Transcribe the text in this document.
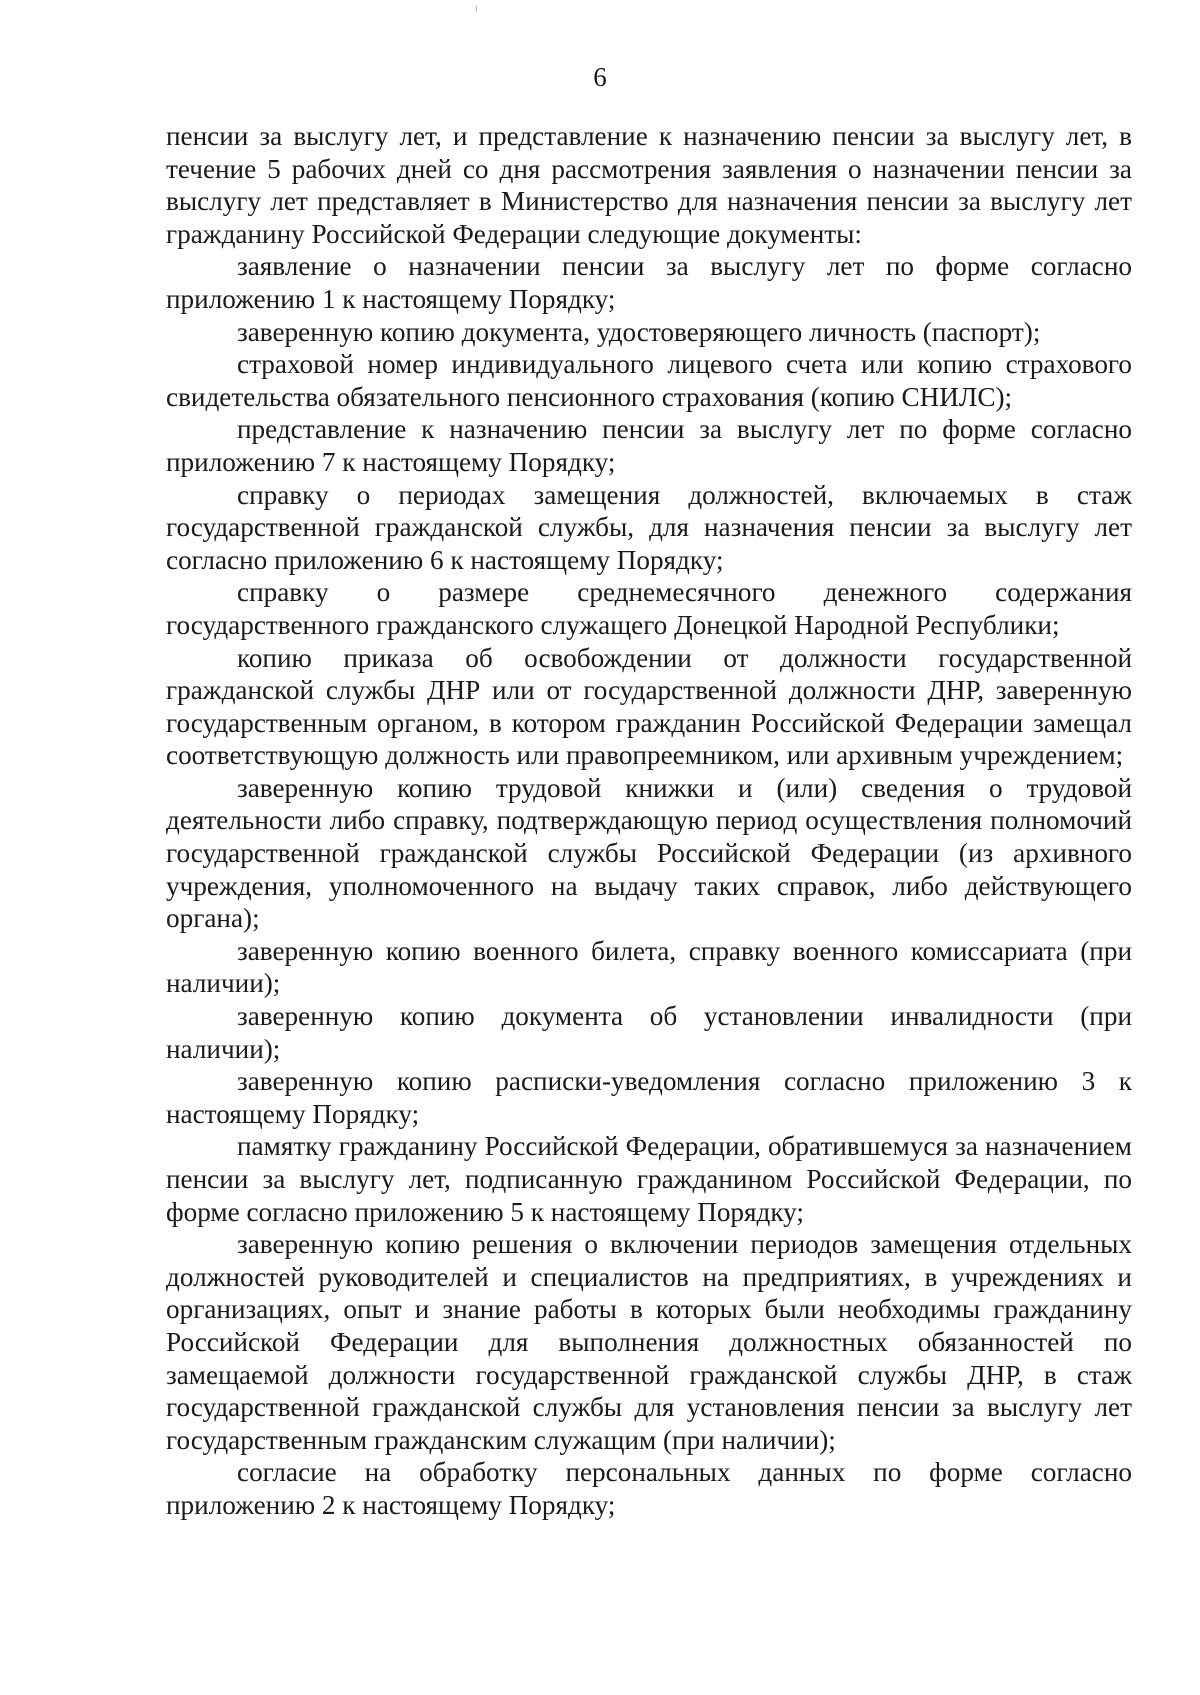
6

пенсии за выслугу лет, и представление к назначению пенсии за выслугу лет, в течение 5 рабочих дней со дня рассмотрения заявления о назначении пенсии за выслугу лет представляет в Министерство для назначения пенсии за выслугу лет гражданину Российской Федерации следующие документы:

заявление о назначении пенсии за выслугу лет по форме согласно приложению 1 к настоящему Порядку;

заверенную копию документа, удостоверяющего личность (паспорт);

страховой номер индивидуального лицевого счета или копию страхового свидетельства обязательного пенсионного страхования (копию СНИЛС);

представление к назначению пенсии за выслугу лет по форме согласно приложению 7 к настоящему Порядку;

справку о периодах замещения должностей, включаемых в стаж государственной гражданской службы, для назначения пенсии за выслугу лет согласно приложению 6 к настоящему Порядку;

справку о размере среднемесячного денежного содержания государственного гражданского служащего Донецкой Народной Республики;

копию приказа об освобождении от должности государственной гражданской службы ДНР или от государственной должности ДНР, заверенную государственным органом, в котором гражданин Российской Федерации замещал соответствующую должность или правопреемником, или архивным учреждением;

заверенную копию трудовой книжки и (или) сведения о трудовой деятельности либо справку, подтверждающую период осуществления полномочий государственной гражданской службы Российской Федерации (из архивного учреждения, уполномоченного на выдачу таких справок, либо действующего органа);

заверенную копию военного билета, справку военного комиссариата (при наличии);

заверенную копию документа об установлении инвалидности (при наличии);

заверенную копию расписки-уведомления согласно приложению 3 к настоящему Порядку;

памятку гражданину Российской Федерации, обратившемуся за назначением пенсии за выслугу лет, подписанную гражданином Российской Федерации, по форме согласно приложению 5 к настоящему Порядку;

заверенную копию решения о включении периодов замещения отдельных должностей руководителей и специалистов на предприятиях, в учреждениях и организациях, опыт и знание работы в которых были необходимы гражданину Российской Федерации для выполнения должностных обязанностей по замещаемой должности государственной гражданской службы ДНР, в стаж государственной гражданской службы для установления пенсии за выслугу лет государственным гражданским служащим (при наличии);

согласие на обработку персональных данных по форме согласно приложению 2 к настоящему Порядку;
